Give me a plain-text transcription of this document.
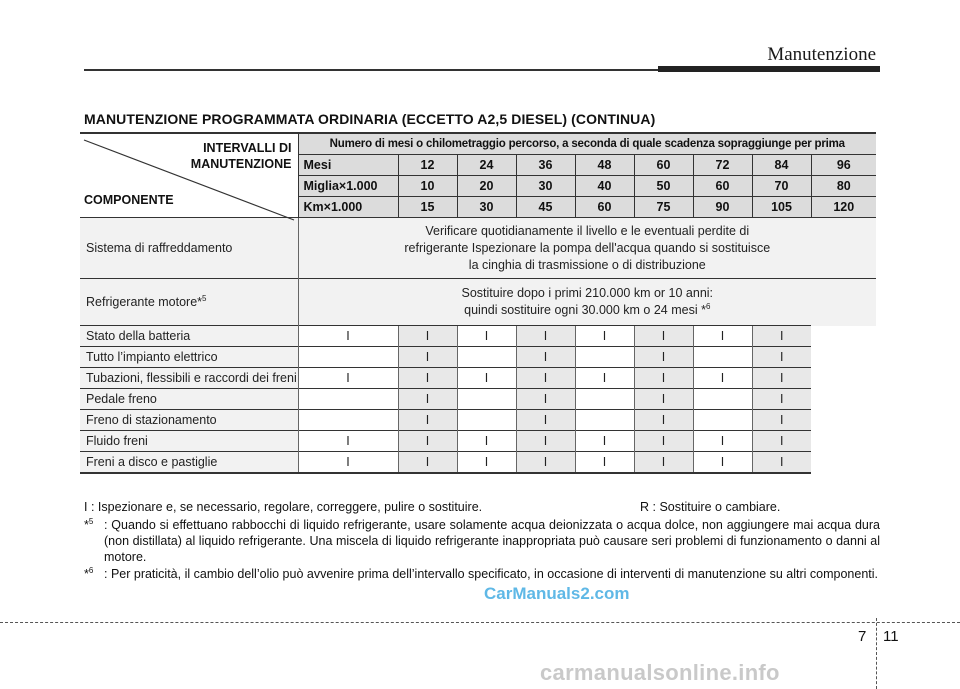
Manutenzione
MANUTENZIONE PROGRAMMATA ORDINARIA (ECCETTO A2,5 DIESEL) (CONTINUA)
INTERVALLI DI
MANUTENZIONE
COMPONENTE	Numero di mesi o chilometraggio percorso, a seconda di quale scadenza sopraggiunge per prima								
	Mesi	12	24	36	48	60	72	84	96
	Miglia×1.000	10	20	30	40	50	60	70	80
	Km×1.000	15	30	45	60	75	90	105	120
Sistema di raffreddamento	Verificare quotidianamente il livello e le eventuali perdite di
refrigerante Ispezionare la pompa dell'acqua quando si sostituisce
la cinghia di trasmissione o di distribuzione								
Refrigerante motore*$^5$	Sostituire dopo i primi 210.000 km or 10 anni:
quindi sostituire ogni 30.000 km o 24 mesi *$^6$
Stato della batteria	I	I	I	I	I	I	I	I	
Tutto l’impianto elettrico		I		I		I		I	
Tubazioni, flessibili e raccordi dei freni	I	I	I	I	I	I	I	I	
Pedale freno		I		I		I		I	
Freno di stazionamento		I		I		I		I	
Fluido freni	I	I	I	I	I	I	I	I	
Freni a disco e pastiglie	I	I	I	I	I	I	I	I	
I : Ispezionare e, se necessario, regolare, correggere, pulire o sostituire.	R : Sostituire o cambiare.
*$^5$ : Quando si effettuano rabbocchi di liquido refrigerante, usare solamente acqua deionizzata o acqua dolce, non aggiungere mai acqua dura (non distillata) al liquido refrigerante. Una miscela di liquido refrigerante inappropriata può causare seri problemi di funzionamento o danni al motore.
*$^6$ : Per praticità, il cambio dell’olio può avvenire prima dell’intervallo specificato, in occasione di interventi di manutenzione su altri componenti.
CarManuals2.com
7 11
carmanualsonline.info
